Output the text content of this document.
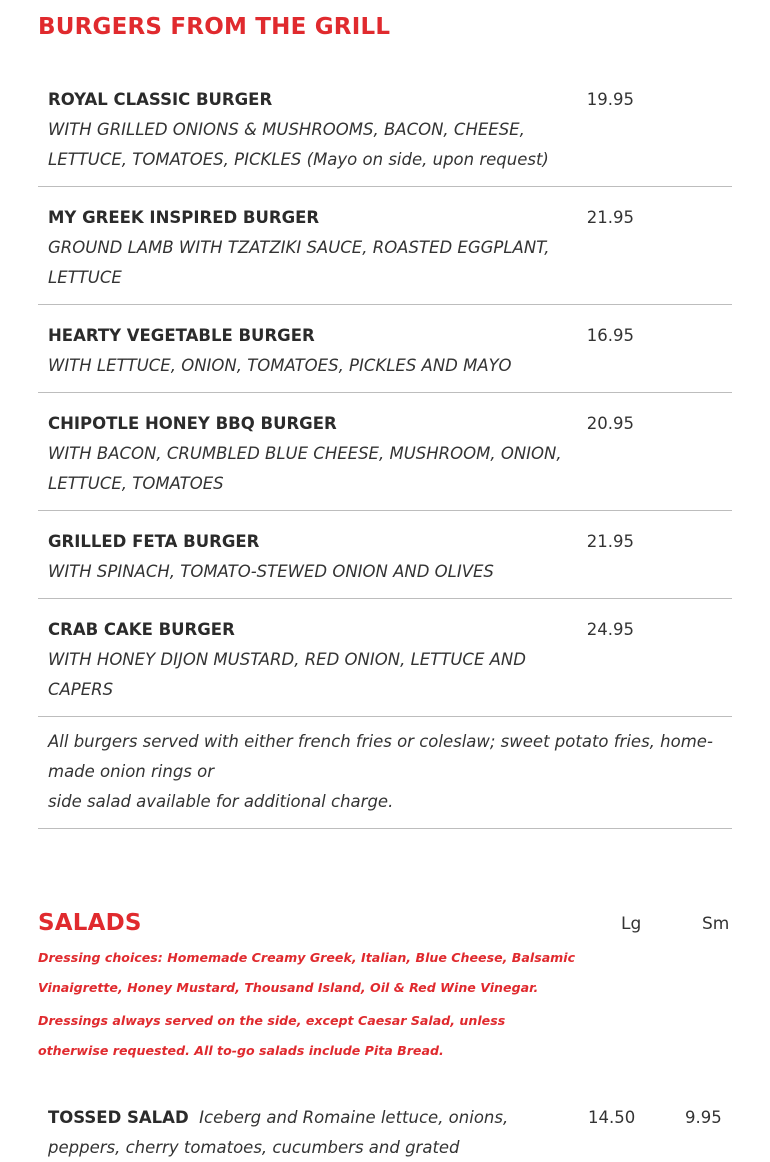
BURGERS FROM THE GRILL
ROYAL CLASSIC BURGER
WITH GRILLED ONIONS & MUSHROOMS, BACON, CHEESE, LETTUCE, TOMATOES, PICKLES (Mayo on side, upon request)
19.95
MY GREEK INSPIRED BURGER
GROUND LAMB WITH TZATZIKI SAUCE, ROASTED EGGPLANT, LETTUCE
21.95
HEARTY VEGETABLE BURGER
WITH LETTUCE, ONION, TOMATOES, PICKLES AND MAYO
16.95
CHIPOTLE HONEY BBQ BURGER
WITH BACON, CRUMBLED BLUE CHEESE, MUSHROOM, ONION, LETTUCE, TOMATOES
20.95
GRILLED FETA BURGER
WITH SPINACH, TOMATO-STEWED ONION AND OLIVES
21.95
CRAB CAKE BURGER
WITH HONEY DIJON MUSTARD, RED ONION, LETTUCE AND CAPERS
24.95
All burgers served with either french fries or coleslaw; sweet potato fries, home-made onion rings or
side salad available for additional charge.
SALADS	Lg	Sm
Dressing choices: Homemade Creamy Greek, Italian, Blue Cheese, Balsamic Vinaigrette, Honey Mustard, Thousand Island, Oil & Red Wine Vinegar.
Dressings always served on the side, except Caesar Salad, unless otherwise requested. All to-go salads include Pita Bread.
TOSSED SALAD Iceberg and Romaine lettuce, onions, peppers, cherry tomatoes, cucumbers and grated
14.50	9.95
